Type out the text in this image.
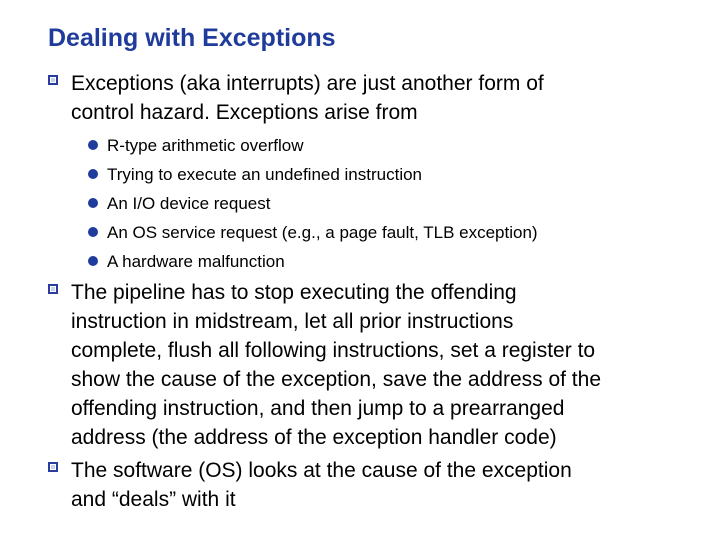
Dealing with Exceptions
Exceptions (aka interrupts) are just another form of
control hazard. Exceptions arise from
R-type arithmetic overflow
Trying to execute an undefined instruction
An I/O device request
An OS service request (e.g., a page fault, TLB exception)
A hardware malfunction
The pipeline has to stop executing the offending
instruction in midstream, let all prior instructions
complete, flush all following instructions, set a register to
show the cause of the exception, save the address of the
offending instruction, and then jump to a prearranged
address (the address of the exception handler code)
The software (OS) looks at the cause of the exception
and “deals” with it
